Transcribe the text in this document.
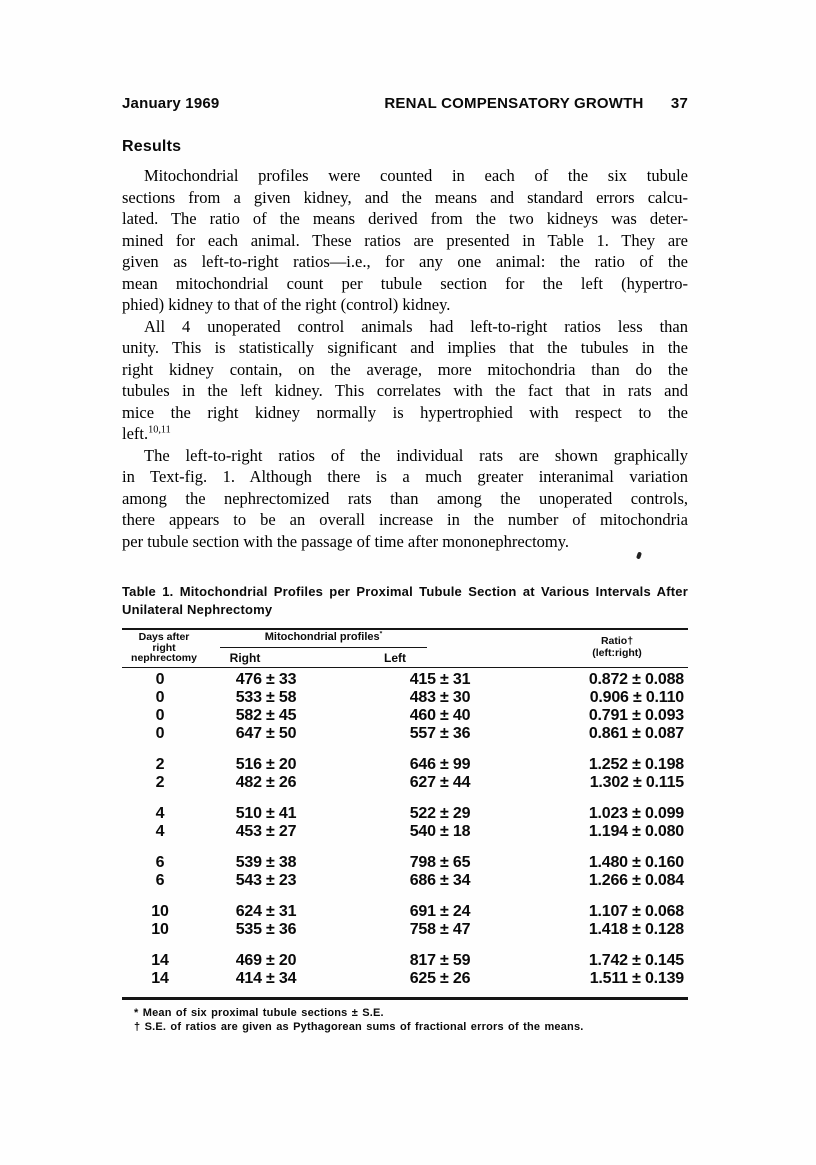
January 1969	RENAL COMPENSATORY GROWTH 37
Results
Mitochondrial profiles were counted in each of the six tubule
sections from a given kidney, and the means and standard errors calcu-
lated. The ratio of the means derived from the two kidneys was deter-
mined for each animal. These ratios are presented in Table 1. They are
given as left-to-right ratios—i.e., for any one animal: the ratio of the
mean mitochondrial count per tubule section for the left (hypertro-
phied) kidney to that of the right (control) kidney.
All 4 unoperated control animals had left-to-right ratios less than
unity. This is statistically significant and implies that the tubules in the
right kidney contain, on the average, more mitochondria than do the
tubules in the left kidney. This correlates with the fact that in rats and
mice the right kidney normally is hypertrophied with respect to the
left.$^{10,11}$
The left-to-right ratios of the individual rats are shown graphically
in Text-fig. 1. Although there is a much greater interanimal variation
among the nephrectomized rats than among the unoperated controls,
there appears to be an overall increase in the number of mitochondria
per tubule section with the passage of time after mononephrectomy.
Table 1. Mitochondrial Profiles per Proximal Tubule Section at Various Intervals After
Unilateral Nephrectomy
Days after
right
nephrectomy
Mitochondrial profiles*
Right	Left
Ratio†
(left:right)
0	476 ± 33	415 ± 31	0.872 ± 0.088
0	533 ± 58	483 ± 30	0.906 ± 0.110
0	582 ± 45	460 ± 40	0.791 ± 0.093
0	647 ± 50	557 ± 36	0.861 ± 0.087
2	516 ± 20	646 ± 99	1.252 ± 0.198
2	482 ± 26	627 ± 44	1.302 ± 0.115
4	510 ± 41	522 ± 29	1.023 ± 0.099
4	453 ± 27	540 ± 18	1.194 ± 0.080
6	539 ± 38	798 ± 65	1.480 ± 0.160
6	543 ± 23	686 ± 34	1.266 ± 0.084
10	624 ± 31	691 ± 24	1.107 ± 0.068
10	535 ± 36	758 ± 47	1.418 ± 0.128
14	469 ± 20	817 ± 59	1.742 ± 0.145
14	414 ± 34	625 ± 26	1.511 ± 0.139
* Mean of six proximal tubule sections ± S.E.
† S.E. of ratios are given as Pythagorean sums of fractional errors of the means.
